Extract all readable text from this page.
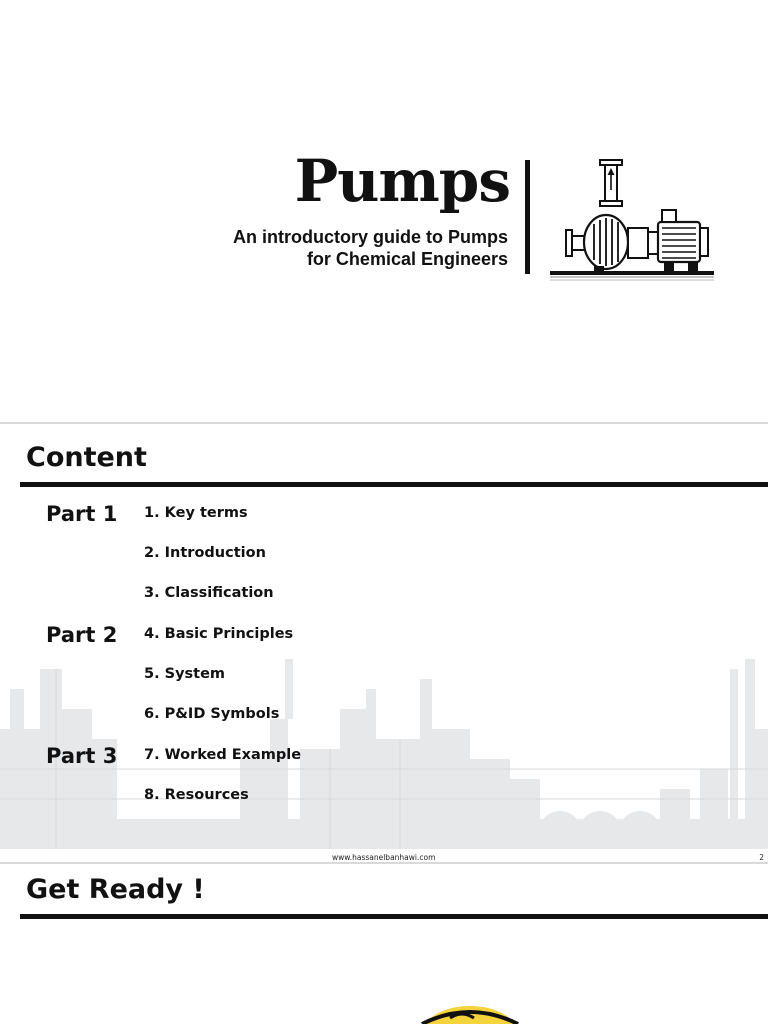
Pumps
An introductory guide to Pumps
for Chemical Engineers
Content
Part 1
Part 2
Part 3
1. Key terms
2. Introduction
3. Classification
4. Basic Principles
5. System
6. P&ID Symbols
7. Worked Example
8. Resources
www.hassanelbanhawi.com	2
Get Ready !
